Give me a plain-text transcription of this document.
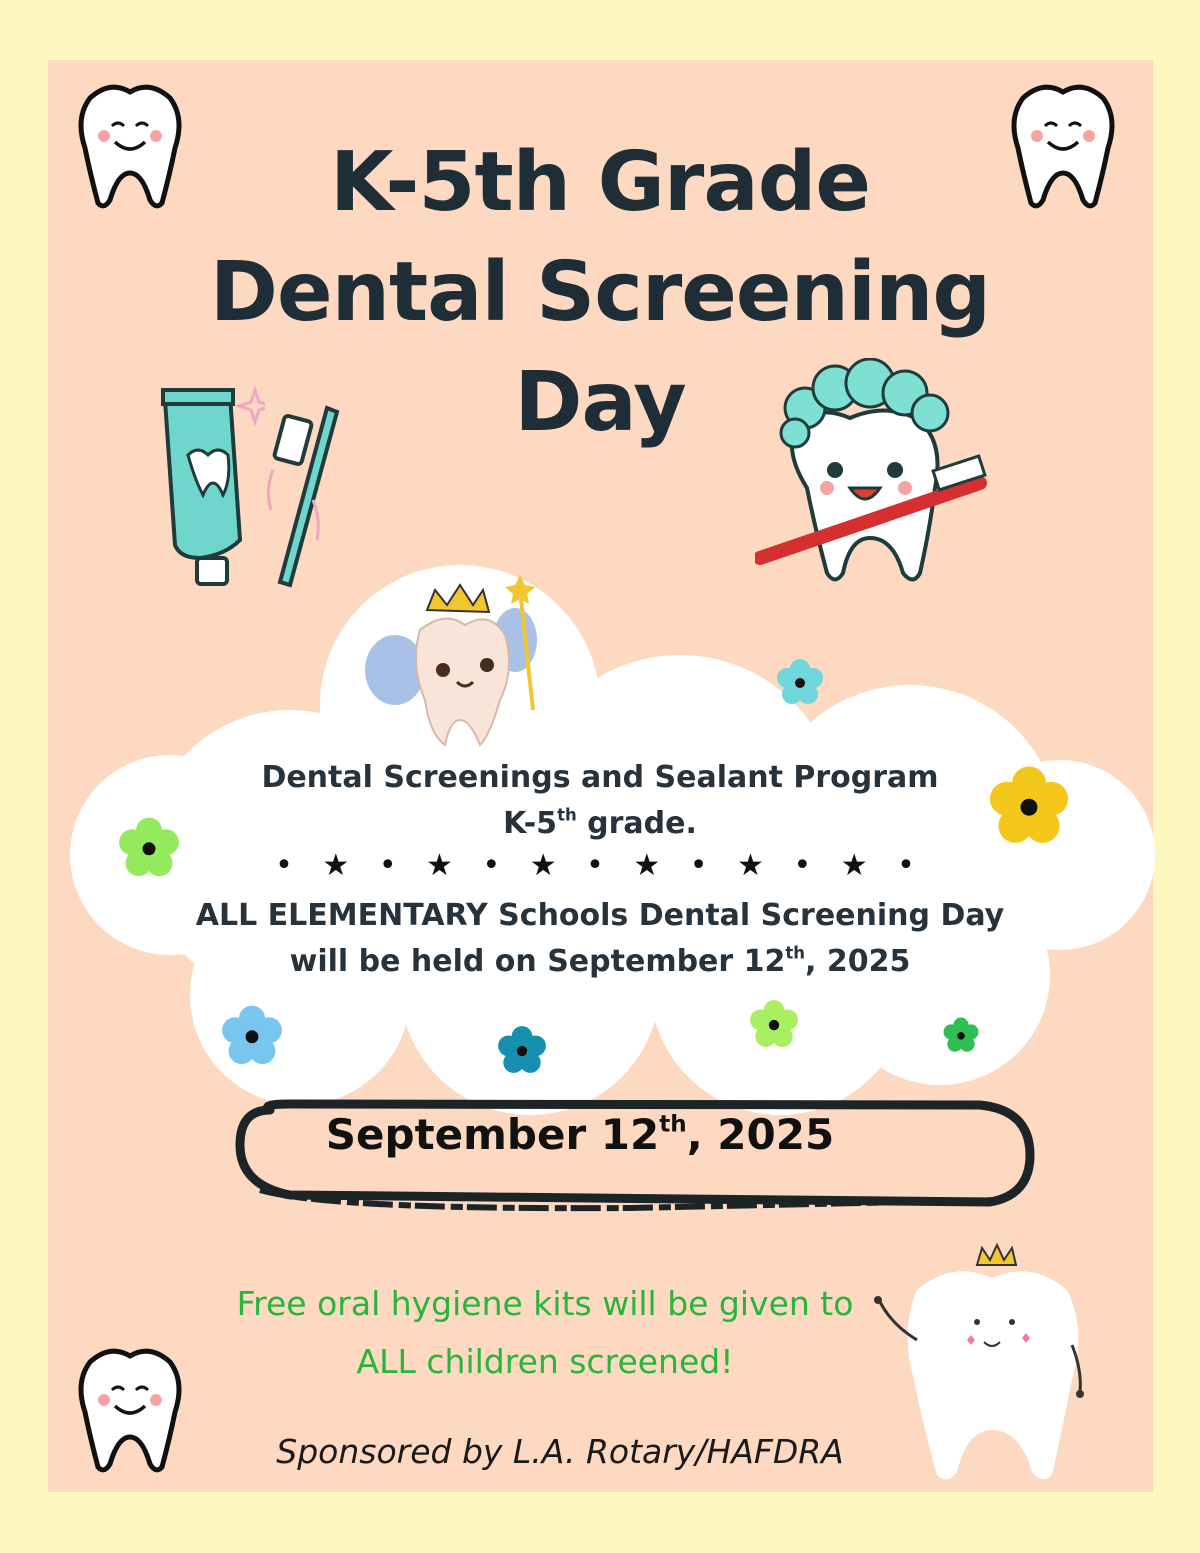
K-5th Grade
Dental Screening
Day
Dental Screenings and Sealant Program
K-5th grade.
• ★ • ★ • ★ • ★ • ★ • ★ •
ALL ELEMENTARY Schools Dental Screening Day
will be held on September 12th, 2025
September 12th, 2025
Free oral hygiene kits will be given to
ALL children screened!
Sponsored by L.A. Rotary/HAFDRA
